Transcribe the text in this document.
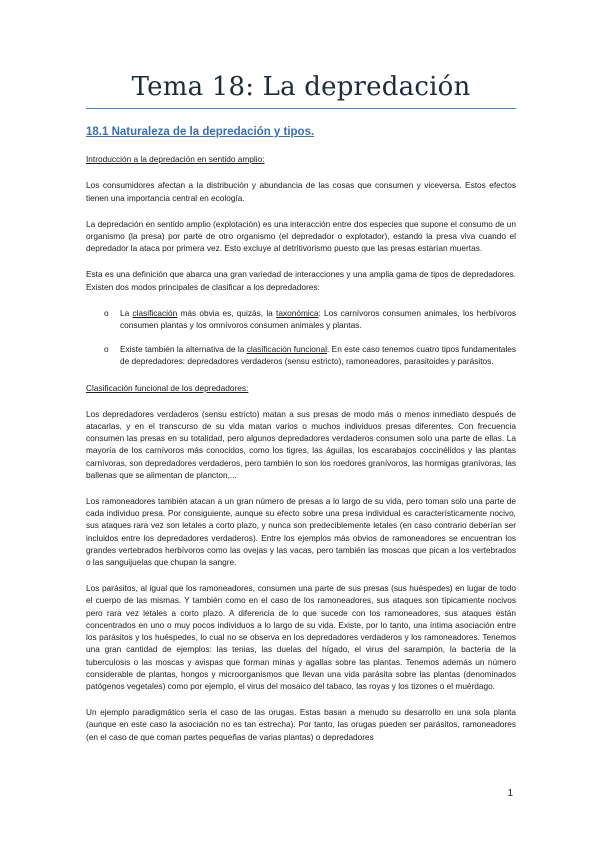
Tema 18: La depredación
18.1 Naturaleza de la depredación y tipos.
Introducción a la depredación en sentido amplio:

Los consumidores afectan a la distribución y abundancia de las cosas que consumen y viceversa. Estos efectos tienen una importancia central en ecología.

La depredación en sentido amplio (explotación) es una interacción entre dos especies que supone el consumo de un organismo (la presa) por parte de otro organismo (el depredador o explotador), estando la presa viva cuando el depredador la ataca por primera vez. Esto excluye al detritivorismo puesto que las presas estarían muertas.

Esta es una definición que abarca una gran variedad de interacciones y una amplia gama de tipos de depredadores. Existen dos modos principales de clasificar a los depredadores:

o La clasificación más obvia es, quizás, la taxonómica: Los carnívoros consumen animales, los herbívoros consumen plantas y los omnívoros consumen animales y plantas.
o Existe también la alternativa de la clasificación funcional. En este caso tenemos cuatro tipos fundamentales de depredadores: depredadores verdaderos (sensu estricto), ramoneadores, parasitoides y parásitos.
Clasificación funcional de los depredadores:

Los depredadores verdaderos (sensu estricto) matan a sus presas de modo más o menos inmediato después de atacarlas, y en el transcurso de su vida matan varios o muchos individuos presas diferentes. Con frecuencia consumen las presas en su totalidad, pero algunos depredadores verdaderos consumen solo una parte de ellas. La mayoría de los carnívoros más conocidos, como los tigres, las águilas, los escarabajos coccinélidos y las plantas carnívoras, son depredadores verdaderos, pero también lo son los roedores granívoros, las hormigas granívoras, las ballenas que se alimentan de plancton,...

Los ramoneadores también atacan a un gran número de presas a lo largo de su vida, pero toman solo una parte de cada individuo presa. Por consiguiente, aunque su efecto sobre una presa individual es característicamente nocivo, sus ataques rara vez son letales a corto plazo, y nunca son predeciblemente letales (en caso contrario deberían ser incluidos entre los depredadores verdaderos). Entre los ejemplos más obvios de ramoneadores se encuentran los grandes vertebrados herbívoros como las ovejas y las vacas, pero también las moscas que pican a los vertebrados o las sanguijuelas que chupan la sangre.

Los parásitos, al igual que los ramoneadores, consumen una parte de sus presas (sus huéspedes) en lugar de todo el cuerpo de las mismas. Y también como en el caso de los ramoneadores, sus ataques son típicamente nocivos pero rara vez letales a corto plazo. A diferencia de lo que sucede con los ramoneadores, sus ataques están concentrados en uno o muy pocos individuos a lo largo de su vida. Existe, por lo tanto, una íntima asociación entre los parásitos y los huéspedes, lo cual no se observa en los depredadores verdaderos y los ramoneadores. Tenemos una gran cantidad de ejemplos: las tenias, las duelas del hígado, el virus del sarampión, la bacteria de la tuberculosis o las moscas y avispas que forman minas y agallas sobre las plantas. Tenemos además un número considerable de plantas, hongos y microorganismos que llevan una vida parásita sobre las plantas (denominados patógenos vegetales) como por ejemplo, el virus del mosaico del tabaco, las royas y los tizones o el muérdago.

Un ejemplo paradigmático sería el caso de las orugas. Estas basan a menudo su desarrollo en una sola planta (aunque en este caso la asociación no es tan estrecha). Por tanto, las orugas pueden ser parásitos, ramoneadores (en el caso de que coman partes pequeñas de varias plantas) o depredadores

1
